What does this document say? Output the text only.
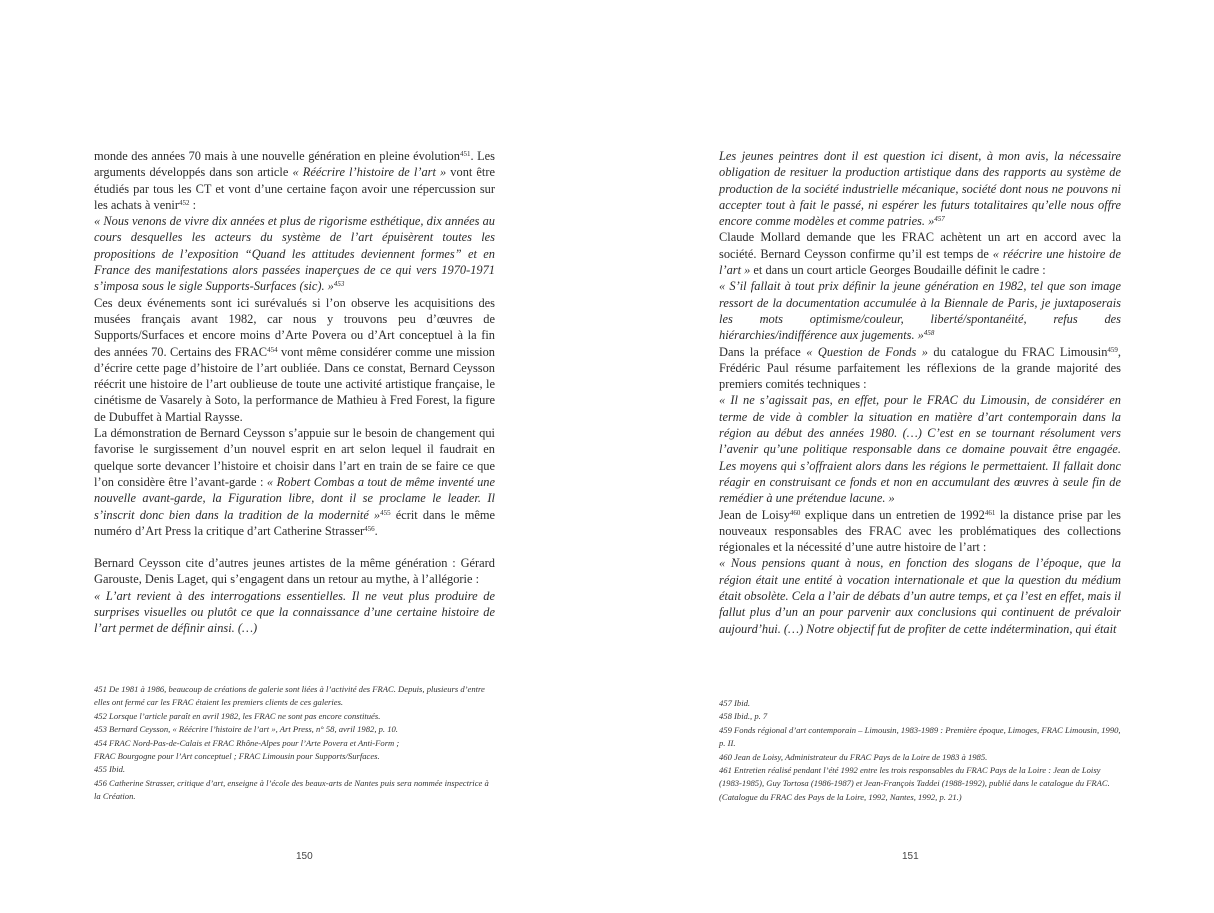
monde des années 70 mais à une nouvelle génération en pleine évolution$^{451}$. Les arguments développés dans son article « Réécrire l’histoire de l’art » vont être étudiés par tous les CT et vont d’une certaine façon avoir une répercussion sur les achats à venir$^{452}$ :

« Nous venons de vivre dix années et plus de rigorisme esthétique, dix années au cours desquelles les acteurs du système de l’art épuisèrent toutes les propositions de l’exposition “Quand les attitudes deviennent formes” et en France des manifestations alors passées inaperçues de ce qui vers 1970-1971 s’imposa sous le sigle Supports-Surfaces (sic). »$^{453}$

Ces deux événements sont ici surévalués si l’on observe les acquisitions des musées français avant 1982, car nous y trouvons peu d’œuvres de Supports/Surfaces et encore moins d’Arte Povera ou d’Art conceptuel à la fin des années 70. Certains des FRAC$^{454}$ vont même considérer comme une mission d’écrire cette page d’histoire de l’art oubliée. Dans ce constat, Bernard Ceysson réécrit une histoire de l’art oublieuse de toute une activité artistique française, le cinétisme de Vasarely à Soto, la performance de Mathieu à Fred Forest, la figure de Dubuffet à Martial Raysse.

La démonstration de Bernard Ceysson s’appuie sur le besoin de changement qui favorise le surgissement d’un nouvel esprit en art selon lequel il faudrait en quelque sorte devancer l’histoire et choisir dans l’art en train de se faire ce que l’on considère être l’avant-garde : « Robert Combas a tout de même inventé une nouvelle avant-garde, la Figuration libre, dont il se proclame le leader. Il s’inscrit donc bien dans la tradition de la modernité »$^{455}$ écrit dans le même numéro d’Art Press la critique d’art Catherine Strasser$^{456}$.

Bernard Ceysson cite d’autres jeunes artistes de la même génération : Gérard Garouste, Denis Laget, qui s’engagent dans un retour au mythe, à l’allégorie :

« L’art revient à des interrogations essentielles. Il ne veut plus produire de surprises visuelles ou plutôt ce que la connaissance d’une certaine histoire de l’art permet de définir ainsi. (…)

451 De 1981 à 1986, beaucoup de créations de galerie sont liées à l’activité des FRAC. Depuis, plusieurs d’entre elles ont fermé car les FRAC étaient les premiers clients de ces galeries.

452 Lorsque l’article paraît en avril 1982, les FRAC ne sont pas encore constitués.

453 Bernard Ceysson, « Réécrire l’histoire de l’art », Art Press, n° 58, avril 1982, p. 10.

454 FRAC Nord-Pas-de-Calais et FRAC Rhône-Alpes pour l’Arte Povera et Anti-Form ;

FRAC Bourgogne pour l’Art conceptuel ; FRAC Limousin pour Supports/Surfaces.

455 Ibid.

456 Catherine Strasser, critique d’art, enseigne à l’école des beaux-arts de Nantes puis sera nommée inspectrice à la Création.

150

Les jeunes peintres dont il est question ici disent, à mon avis, la nécessaire obligation de resituer la production artistique dans des rapports au système de production de la société industrielle mécanique, société dont nous ne pouvons ni accepter tout à fait le passé, ni espérer les futurs totalitaires qu’elle nous offre encore comme modèles et comme patries. »$^{457}$

Claude Mollard demande que les FRAC achètent un art en accord avec la société. Bernard Ceysson confirme qu’il est temps de « réécrire une histoire de l’art » et dans un court article Georges Boudaille définit le cadre :

« S’il fallait à tout prix définir la jeune génération en 1982, tel que son image ressort de la documentation accumulée à la Biennale de Paris, je juxtaposerais les mots optimisme/couleur, liberté/spontanéité, refus des hiérarchies/indifférence aux jugements. »$^{458}$

Dans la préface « Question de Fonds » du catalogue du FRAC Limousin$^{459}$, Frédéric Paul résume parfaitement les réflexions de la grande majorité des premiers comités techniques :

« Il ne s’agissait pas, en effet, pour le FRAC du Limousin, de considérer en terme de vide à combler la situation en matière d’art contemporain dans la région au début des années 1980. (…) C’est en se tournant résolument vers l’avenir qu’une politique responsable dans ce domaine pouvait être engagée. Les moyens qui s’offraient alors dans les régions le permettaient. Il fallait donc réagir en construisant ce fonds et non en accumulant des œuvres à seule fin de remédier à une prétendue lacune. »

Jean de Loisy$^{460}$ explique dans un entretien de 1992$^{461}$ la distance prise par les nouveaux responsables des FRAC avec les problématiques des collections régionales et la nécessité d’une autre histoire de l’art :

« Nous pensions quant à nous, en fonction des slogans de l’époque, que la région était une entité à vocation internationale et que la question du médium était obsolète. Cela a l’air de débats d’un autre temps, et ça l’est en effet, mais il fallut plus d’un an pour parvenir aux conclusions qui continuent de prévaloir aujourd’hui. (…) Notre objectif fut de profiter de cette indétermination, qui était

457 Ibid.

458 Ibid., p. 7

459 Fonds régional d’art contemporain – Limousin, 1983-1989 : Première époque, Limoges, FRAC Limousin, 1990, p. II.

460 Jean de Loisy, Administrateur du FRAC Pays de la Loire de 1983 à 1985.

461 Entretien réalisé pendant l’été 1992 entre les trois responsables du FRAC Pays de la Loire : Jean de Loisy (1983-1985), Guy Tortosa (1986-1987) et Jean-François Taddei (1988-1992), publié dans le catalogue du FRAC. (Catalogue du FRAC des Pays de la Loire, 1992, Nantes, 1992, p. 21.)

151
